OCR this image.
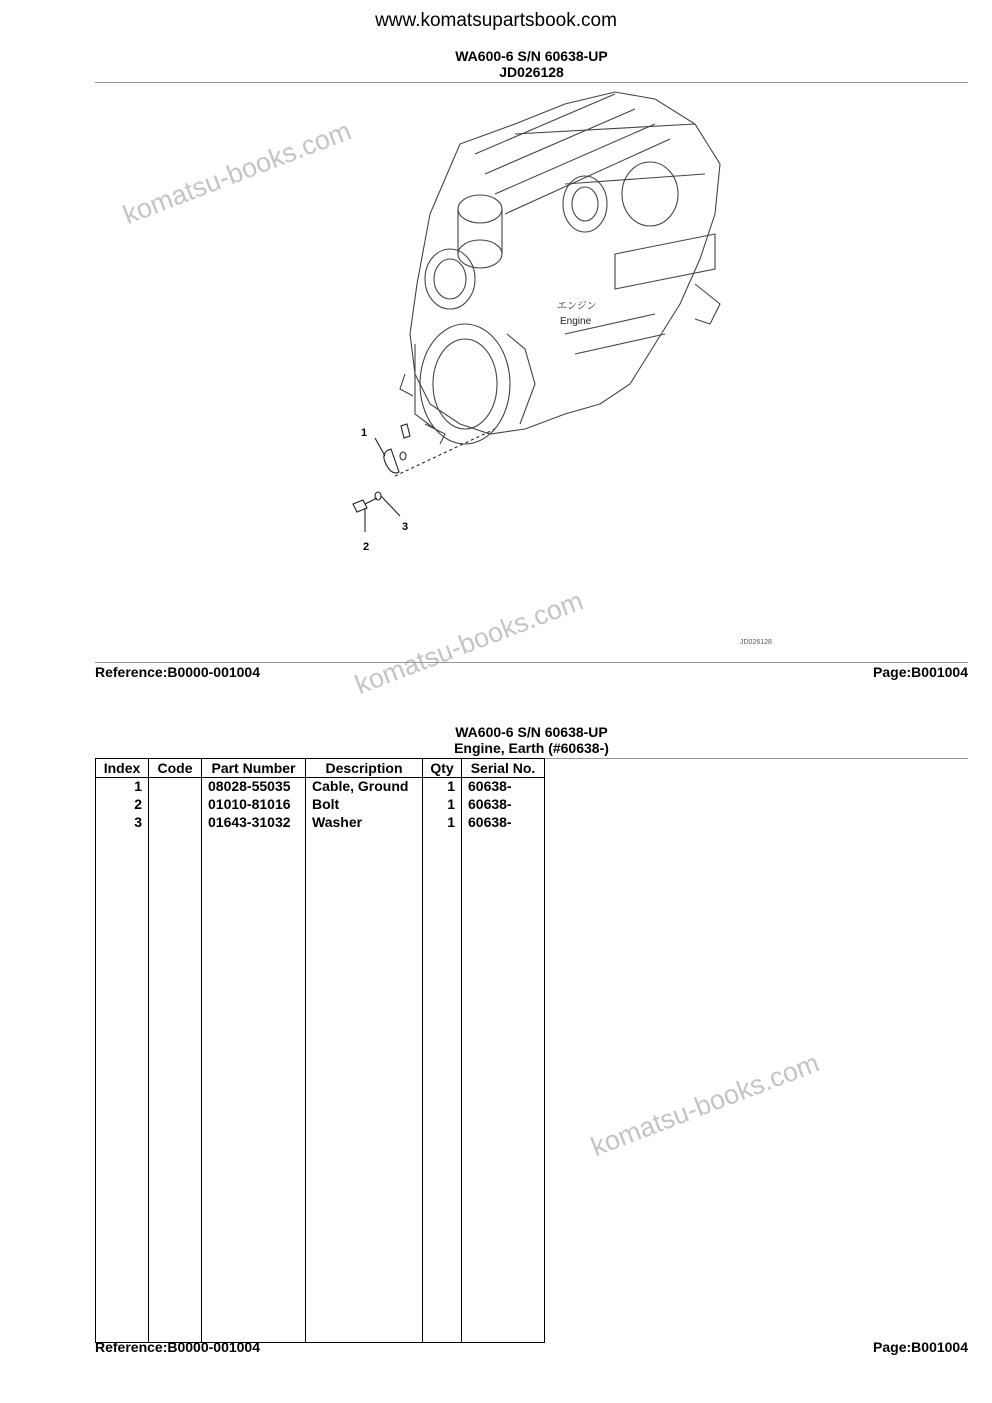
www.komatsupartsbook.com
WA600-6 S/N 60638-UP
JD026128
エンジン
Engine
1
2
3
JD026128
komatsu-books.com
komatsu-books.com
komatsu-books.com
Reference:B0000-001004	Page:B001004
WA600-6 S/N 60638-UP
Engine, Earth (#60638-)
Index	Code	Part Number	Description	Qty	Serial No.
1		08028-55035	Cable, Ground	1	60638-
2		01010-81016	Bolt	1	60638-
3		01643-31032	Washer	1	60638-

Reference:B0000-001004	Page:B001004
